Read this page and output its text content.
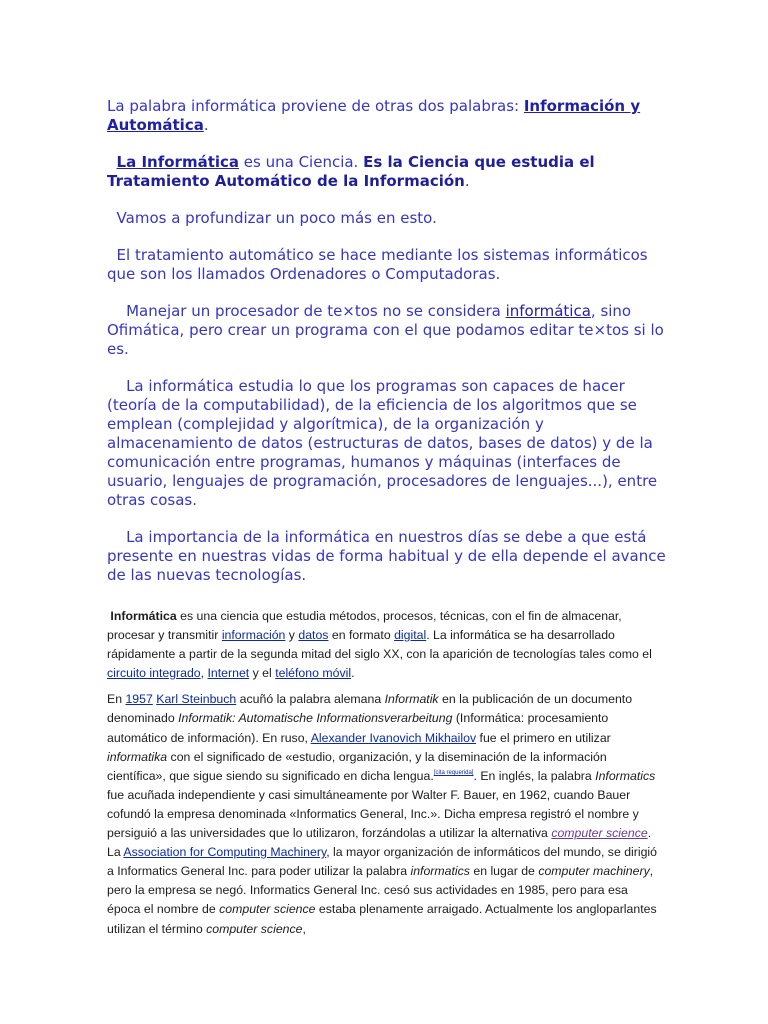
La palabra informática proviene de otras dos palabras: Información y Automática.

La Informática es una Ciencia. Es la Ciencia que estudia el Tratamiento Automático de la Información.

Vamos a profundizar un poco más en esto.

El tratamiento automático se hace mediante los sistemas informáticos que son los llamados Ordenadores o Computadoras.

Manejar un procesador de te×tos no se considera informática, sino Ofimática, pero crear un programa con el que podamos editar te×tos si lo es.

La informática estudia lo que los programas son capaces de hacer (teoría de la computabilidad), de la eficiencia de los algoritmos que se emplean (complejidad y algorítmica), de la organización y almacenamiento de datos (estructuras de datos, bases de datos) y de la comunicación entre programas, humanos y máquinas (interfaces de usuario, lenguajes de programación, procesadores de lenguajes...), entre otras cosas.

La importancia de la informática en nuestros días se debe a que está presente en nuestras vidas de forma habitual y de ella depende el avance de las nuevas tecnologías.

Informática es una ciencia que estudia métodos, procesos, técnicas, con el fin de almacenar, procesar y transmitir información y datos en formato digital. La informática se ha desarrollado rápidamente a partir de la segunda mitad del siglo XX, con la aparición de tecnologías tales como el circuito integrado, Internet y el teléfono móvil.

En 1957 Karl Steinbuch acuñó la palabra alemana Informatik en la publicación de un documento denominado Informatik: Automatische Informationsverarbeitung (Informática: procesamiento automático de información). En ruso, Alexander Ivanovich Mikhailov fue el primero en utilizar informatika con el significado de «estudio, organización, y la diseminación de la información científica», que sigue siendo su significado en dicha lengua.[cita requerida]. En inglés, la palabra Informatics fue acuñada independiente y casi simultáneamente por Walter F. Bauer, en 1962, cuando Bauer cofundó la empresa denominada «Informatics General, Inc.». Dicha empresa registró el nombre y persiguió a las universidades que lo utilizaron, forzándolas a utilizar la alternativa computer science. La Association for Computing Machinery, la mayor organización de informáticos del mundo, se dirigió a Informatics General Inc. para poder utilizar la palabra informatics en lugar de computer machinery, pero la empresa se negó. Informatics General Inc. cesó sus actividades en 1985, pero para esa época el nombre de computer science estaba plenamente arraigado. Actualmente los angloparlantes utilizan el término computer science,
